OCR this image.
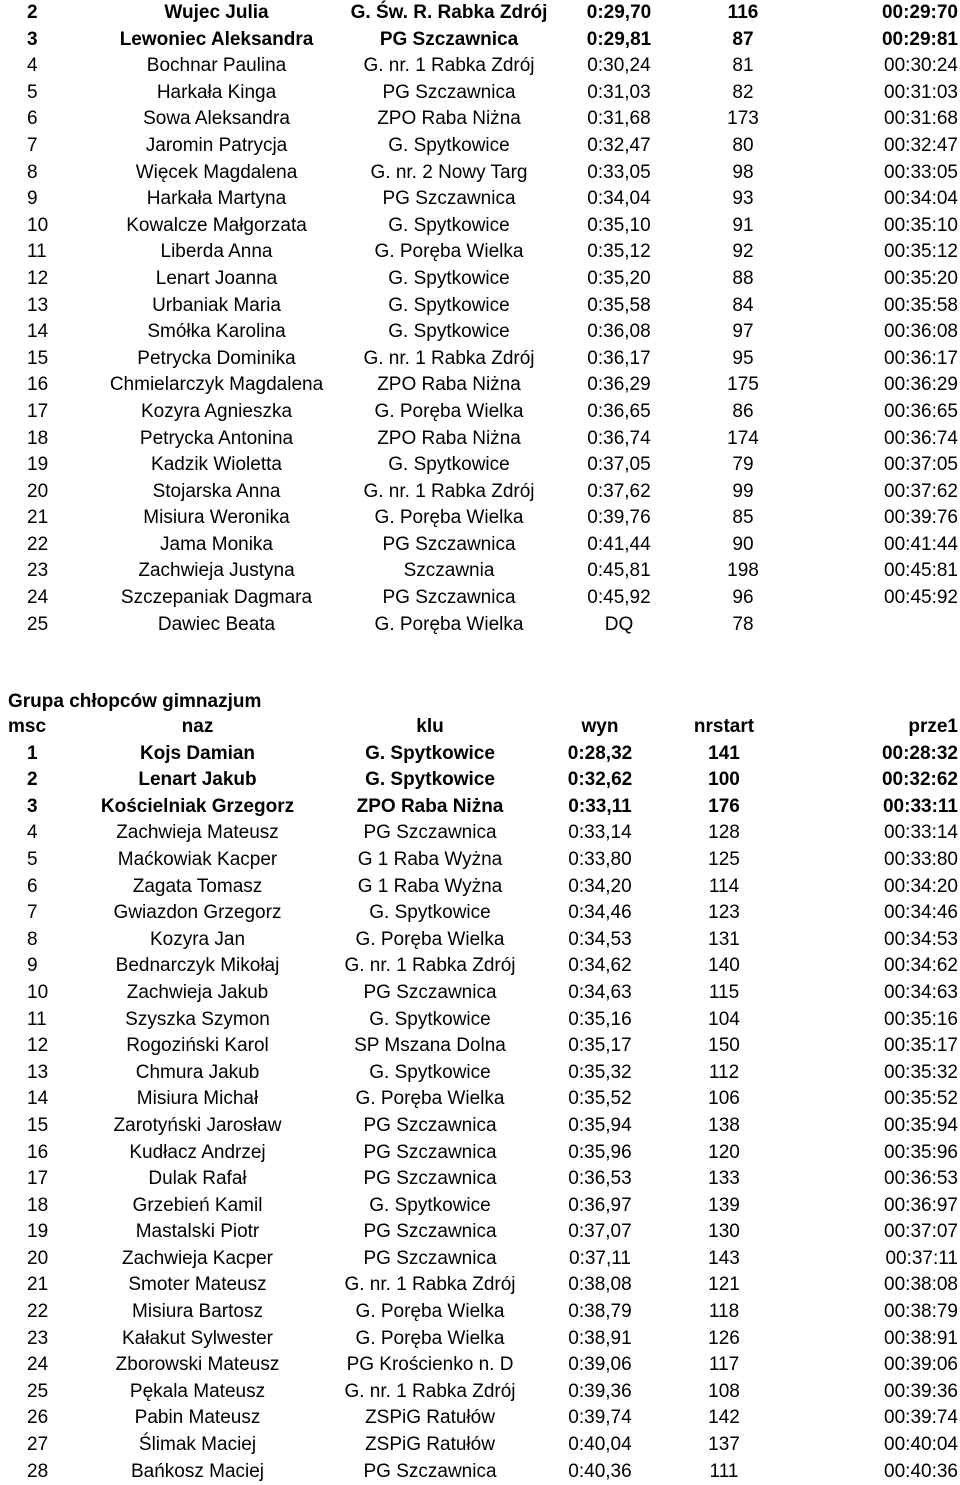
2	Wujec Julia	G. Św. R. Rabka Zdrój	0:29,70	116	00:29:70
3	Lewoniec Aleksandra	PG Szczawnica	0:29,81	87	00:29:81
4	Bochnar Paulina	G. nr. 1 Rabka Zdrój	0:30,24	81	00:30:24
5	Harkała Kinga	PG Szczawnica	0:31,03	82	00:31:03
6	Sowa Aleksandra	ZPO Raba Niżna	0:31,68	173	00:31:68
7	Jaromin Patrycja	G. Spytkowice	0:32,47	80	00:32:47
8	Więcek Magdalena	G. nr. 2 Nowy Targ	0:33,05	98	00:33:05
9	Harkała Martyna	PG Szczawnica	0:34,04	93	00:34:04
10	Kowalcze Małgorzata	G. Spytkowice	0:35,10	91	00:35:10
11	Liberda Anna	G. Poręba Wielka	0:35,12	92	00:35:12
12	Lenart Joanna	G. Spytkowice	0:35,20	88	00:35:20
13	Urbaniak Maria	G. Spytkowice	0:35,58	84	00:35:58
14	Smółka Karolina	G. Spytkowice	0:36,08	97	00:36:08
15	Petrycka Dominika	G. nr. 1 Rabka Zdrój	0:36,17	95	00:36:17
16	Chmielarczyk Magdalena	ZPO Raba Niżna	0:36,29	175	00:36:29
17	Kozyra Agnieszka	G. Poręba Wielka	0:36,65	86	00:36:65
18	Petrycka Antonina	ZPO Raba Niżna	0:36,74	174	00:36:74
19	Kadzik Wioletta	G. Spytkowice	0:37,05	79	00:37:05
20	Stojarska Anna	G. nr. 1 Rabka Zdrój	0:37,62	99	00:37:62
21	Misiura Weronika	G. Poręba Wielka	0:39,76	85	00:39:76
22	Jama Monika	PG Szczawnica	0:41,44	90	00:41:44
23	Zachwieja Justyna	Szczawnia	0:45,81	198	00:45:81
24	Szczepaniak Dagmara	PG Szczawnica	0:45,92	96	00:45:92
25	Dawiec Beata	G. Poręba Wielka	DQ	78	
Grupa chłopców gimnazjum
msc	naz	klu	wyn	nrstart	prze1
1	Kojs Damian	G. Spytkowice	0:28,32	141	00:28:32
2	Lenart Jakub	G. Spytkowice	0:32,62	100	00:32:62
3	Kościelniak Grzegorz	ZPO Raba Niżna	0:33,11	176	00:33:11
4	Zachwieja Mateusz	PG Szczawnica	0:33,14	128	00:33:14
5	Maćkowiak Kacper	G 1 Raba Wyżna	0:33,80	125	00:33:80
6	Zagata Tomasz	G 1 Raba Wyżna	0:34,20	114	00:34:20
7	Gwiazdon Grzegorz	G. Spytkowice	0:34,46	123	00:34:46
8	Kozyra Jan	G. Poręba Wielka	0:34,53	131	00:34:53
9	Bednarczyk Mikołaj	G. nr. 1 Rabka Zdrój	0:34,62	140	00:34:62
10	Zachwieja Jakub	PG Szczawnica	0:34,63	115	00:34:63
11	Szyszka Szymon	G. Spytkowice	0:35,16	104	00:35:16
12	Rogoziński Karol	SP Mszana Dolna	0:35,17	150	00:35:17
13	Chmura Jakub	G. Spytkowice	0:35,32	112	00:35:32
14	Misiura Michał	G. Poręba Wielka	0:35,52	106	00:35:52
15	Zarotyński Jarosław	PG Szczawnica	0:35,94	138	00:35:94
16	Kudłacz Andrzej	PG Szczawnica	0:35,96	120	00:35:96
17	Dulak Rafał	PG Szczawnica	0:36,53	133	00:36:53
18	Grzebień Kamil	G. Spytkowice	0:36,97	139	00:36:97
19	Mastalski Piotr	PG Szczawnica	0:37,07	130	00:37:07
20	Zachwieja Kacper	PG Szczawnica	0:37,11	143	00:37:11
21	Smoter Mateusz	G. nr. 1 Rabka Zdrój	0:38,08	121	00:38:08
22	Misiura Bartosz	G. Poręba Wielka	0:38,79	118	00:38:79
23	Kałakut Sylwester	G. Poręba Wielka	0:38,91	126	00:38:91
24	Zborowski Mateusz	PG Krościenko n. D	0:39,06	117	00:39:06
25	Pękala Mateusz	G. nr. 1 Rabka Zdrój	0:39,36	108	00:39:36
26	Pabin Mateusz	ZSPiG Ratułów	0:39,74	142	00:39:74
27	Ślimak Maciej	ZSPiG Ratułów	0:40,04	137	00:40:04
28	Bańkosz Maciej	PG Szczawnica	0:40,36	111	00:40:36
